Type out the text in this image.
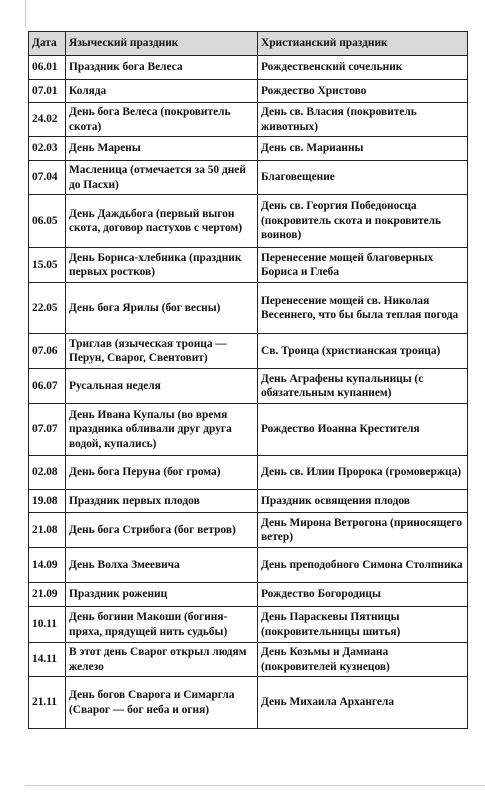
Дата	Языческий праздник	Христианский праздник
06.01	Праздник бога Велеса	Рождественский сочельник
07.01	Коляда	Рождество Христово
24.02	День бога Велеса (покровитель скота)	День св. Власия (покровитель животных)
02.03	День Марены	День св. Марианны
07.04	Масленица (отмечается за 50 дней до Пасхи)	Благовещение
06.05	День Даждьбога (первый выгон скота, договор пастухов с чертом)	День св. Георгия Победоносца (покровитель скота и покровитель воинов)
15.05	День Бориса-хлебника (праздник первых ростков)	Перенесение мощей благоверных Бориса и Глеба
22.05	День бога Ярилы (бог весны)	Перенесение мощей св. Николая Весеннего, что бы была теплая погода
07.06	Триглав (языческая троица — Перун, Сварог, Свентовит)	Св. Троица (христианская троица)
06.07	Русальная неделя	День Аграфены купальницы (с обязательным купанием)
07.07	День Ивана Купалы (во время праздника обливали друг друга водой, купались)	Рождество Иоанна Крестителя
02.08	День бога Перуна (бог грома)	День св. Илии Пророка (громовержца)
19.08	Праздник первых плодов	Праздник освящения плодов
21.08	День бога Стрибога (бог ветров)	День Мирона Ветрогона (приносящего ветер)
14.09	День Волха Змеевича	День преподобного Симона Столпника
21.09	Праздник рожениц	Рождество Богородицы
10.11	День богини Макоши (богиня-пряха, прядущей нить судьбы)	День Параскевы Пятницы (покровительницы шитья)
14.11	В этот день Сварог открыл людям железо	День Козьмы и Дамиана (покровителей кузнецов)
21.11	День богов Сварога и Симаргла (Сварог — бог неба и огня)	День Михаила Архангела
